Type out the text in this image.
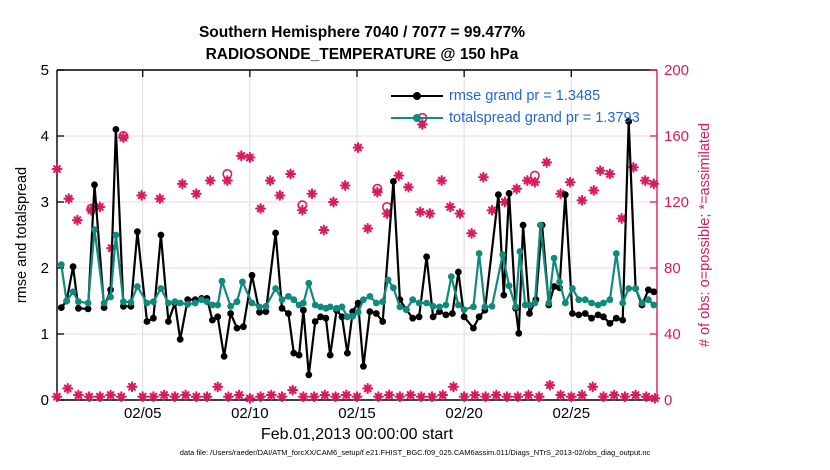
Southern Hemisphere 7040 / 7077 = 99.477%
RADIOSONDE_TEMPERATURE @ 150 hPa
02/05	02/10	02/15	02/20	02/25
0
1
2
3
4
5
0
40
80
120
160
200
rmse grand pr = 1.3485
totalspread grand pr = 1.3793
rmse and totalspread	# of obs: o=possible; *=assimilated
Feb.01,2013 00:00:00 start
data file: /Users/raeder/DAI/ATM_forcXX/CAM6_setup/f.e21.FHIST_BGC.f09_025.CAM6assim.011/Diags_NTrS_2013-02/obs_diag_output.nc
